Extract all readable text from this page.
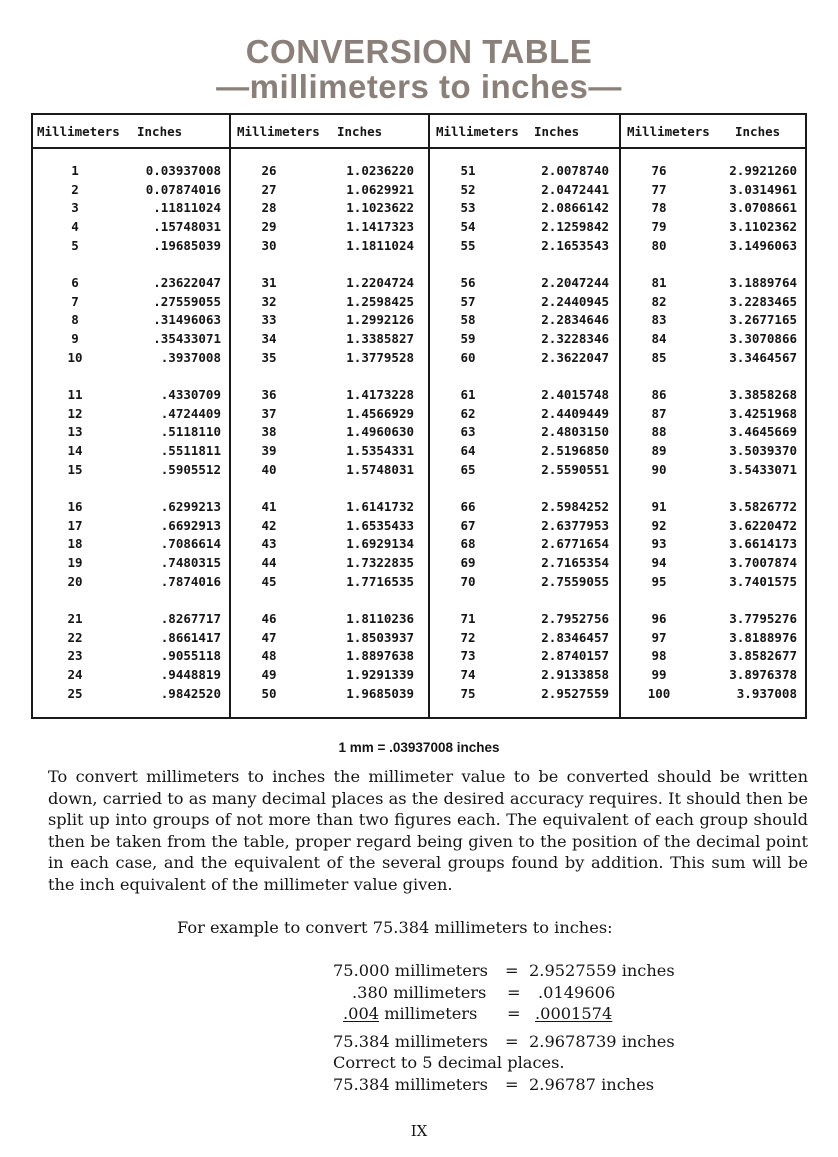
CONVERSION TABLE
—millimeters to inches—
Millimeters Inches
1	0.03937008
2	0.07874016
3	.11811024
4	.15748031
5	.19685039
6	.23622047
7	.27559055
8	.31496063
9	.35433071
10	.3937008
11	.4330709
12	.4724409
13	.5118110
14	.5511811
15	.5905512
16	.6299213
17	.6692913
18	.7086614
19	.7480315
20	.7874016
21	.8267717
22	.8661417
23	.9055118
24	.9448819
25	.9842520
Millimeters Inches
26	1.0236220
27	1.0629921
28	1.1023622
29	1.1417323
30	1.1811024
31	1.2204724
32	1.2598425
33	1.2992126
34	1.3385827
35	1.3779528
36	1.4173228
37	1.4566929
38	1.4960630
39	1.5354331
40	1.5748031
41	1.6141732
42	1.6535433
43	1.6929134
44	1.7322835
45	1.7716535
46	1.8110236
47	1.8503937
48	1.8897638
49	1.9291339
50	1.9685039
Millimeters Inches
51	2.0078740
52	2.0472441
53	2.0866142
54	2.1259842
55	2.1653543
56	2.2047244
57	2.2440945
58	2.2834646
59	2.3228346
60	2.3622047
61	2.4015748
62	2.4409449
63	2.4803150
64	2.5196850
65	2.5590551
66	2.5984252
67	2.6377953
68	2.6771654
69	2.7165354
70	2.7559055
71	2.7952756
72	2.8346457
73	2.8740157
74	2.9133858
75	2.9527559
Millimeters Inches
76	2.9921260
77	3.0314961
78	3.0708661
79	3.1102362
80	3.1496063
81	3.1889764
82	3.2283465
83	3.2677165
84	3.3070866
85	3.3464567
86	3.3858268
87	3.4251968
88	3.4645669
89	3.5039370
90	3.5433071
91	3.5826772
92	3.6220472
93	3.6614173
94	3.7007874
95	3.7401575
96	3.7795276
97	3.8188976
98	3.8582677
99	3.8976378
100	3.937008
1 mm = .03937008 inches

To convert millimeters to inches the millimeter value to be converted should be written down, carried to as many decimal places as the desired accuracy requires. It should then be split up into groups of not more than two figures each. The equivalent of each group should then be taken from the table, proper regard being given to the position of the decimal point in each case, and the equivalent of the several groups found by addition. This sum will be the inch equivalent of the millimeter value given.

For example to convert 75.384 millimeters to inches:

75.000 millimeters = 2.9527559 inches
.380 millimeters = .0149606
.004 millimeters = .0001574
75.384 millimeters = 2.9678739 inches
Correct to 5 decimal places.
75.384 millimeters = 2.96787 inches
IX
